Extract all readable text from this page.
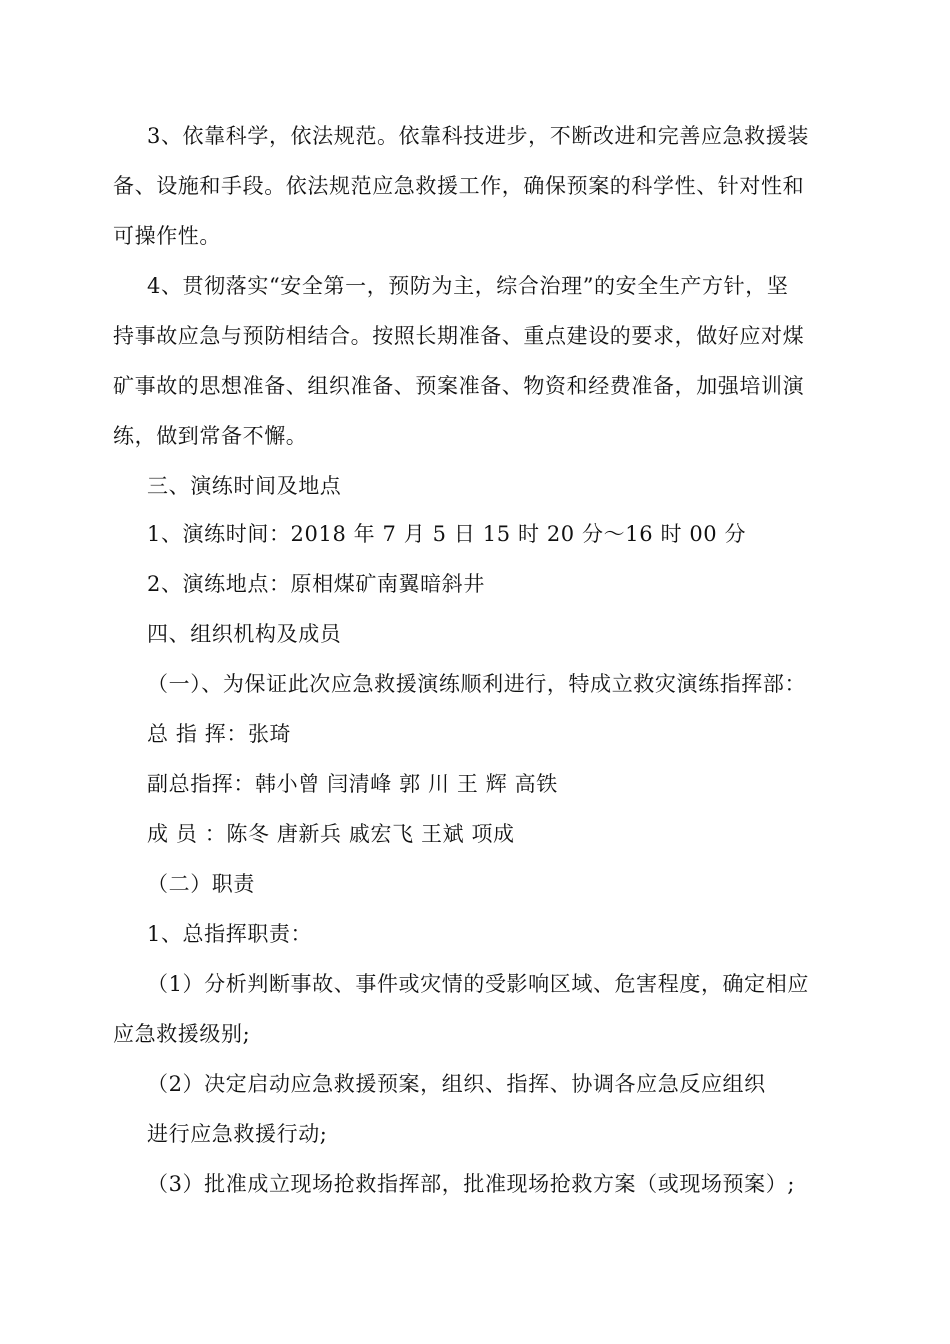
3、依靠科学，依法规范。依靠科技进步，不断改进和完善应急救援装
备、设施和手段。依法规范应急救援工作，确保预案的科学性、针对性和
可操作性。
4、贯彻落实“安全第一，预防为主，综合治理”的安全生产方针，坚
持事故应急与预防相结合。按照长期准备、重点建设的要求，做好应对煤
矿事故的思想准备、组织准备、预案准备、物资和经费准备，加强培训演
练，做到常备不懈。
三、演练时间及地点
1、演练时间：2018 年 7 月 5 日 15 时 20 分～16 时 00 分
2、演练地点：原相煤矿南翼暗斜井
四、组织机构及成员
（一）、为保证此次应急救援演练顺利进行，特成立救灾演练指挥部：
总 指 挥：张琦
副总指挥：韩小曾 闫清峰 郭 川 王 辉 高铁
成 员 ：陈冬 唐新兵 戚宏飞 王斌 项成
（二）职责
1、总指挥职责：
（1）分析判断事故、事件或灾情的受影响区域、危害程度，确定相应
应急救援级别;
（2）决定启动应急救援预案，组织、指挥、协调各应急反应组织
进行应急救援行动;
（3）批准成立现场抢救指挥部，批准现场抢救方案（或现场预案）;
